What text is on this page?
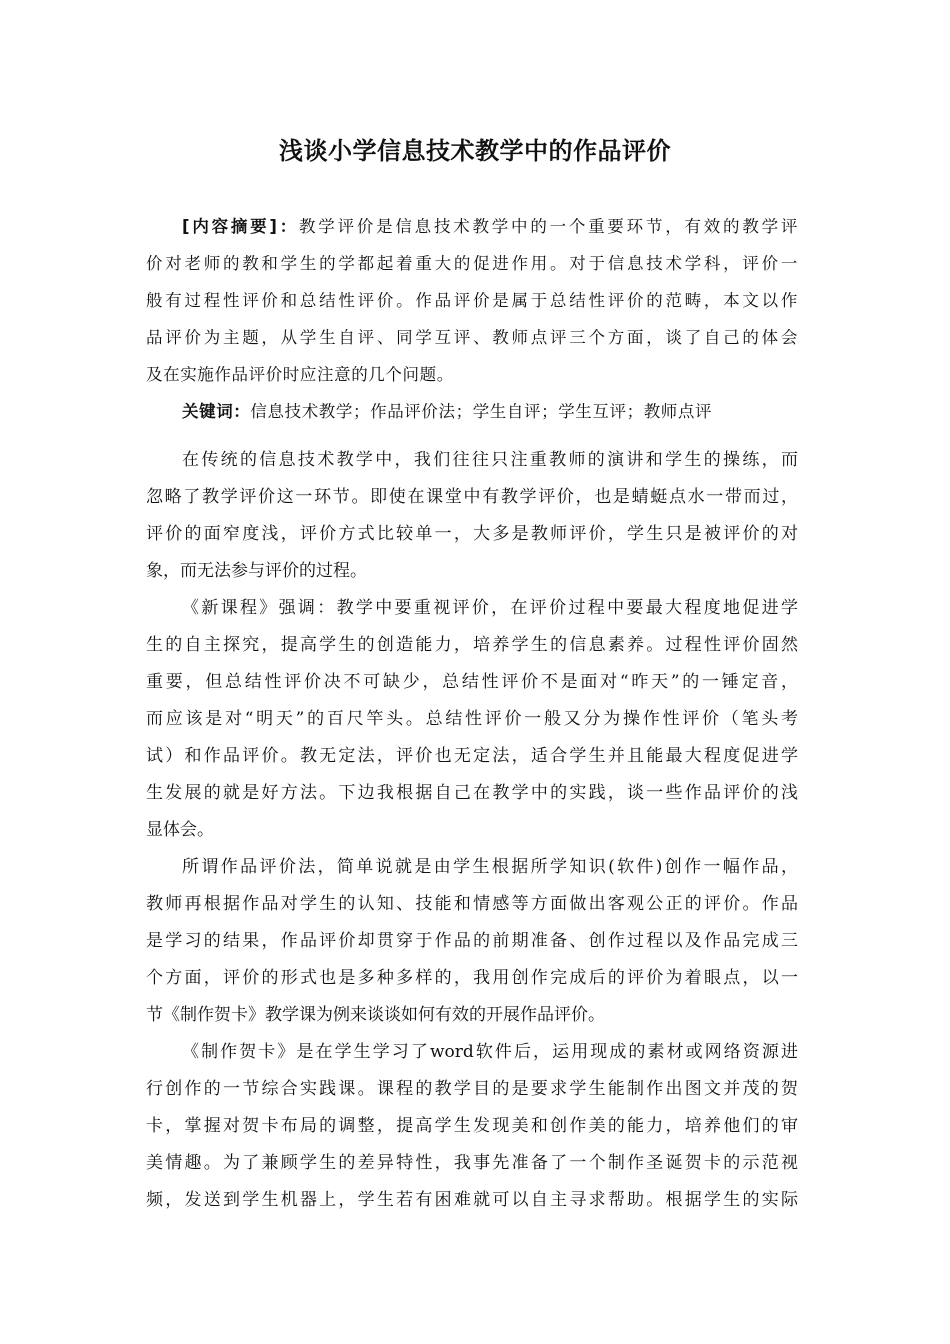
浅谈小学信息技术教学中的作品评价
[内容摘要]：教学评价是信息技术教学中的一个重要环节，有效的教学评
价对老师的教和学生的学都起着重大的促进作用。对于信息技术学科，评价一
般有过程性评价和总结性评价。作品评价是属于总结性评价的范畴，本文以作
品评价为主题，从学生自评、同学互评、教师点评三个方面，谈了自己的体会
及在实施作品评价时应注意的几个问题。
关键词：信息技术教学；作品评价法；学生自评；学生互评；教师点评
在传统的信息技术教学中，我们往往只注重教师的演讲和学生的操练，而
忽略了教学评价这一环节。即使在课堂中有教学评价，也是蜻蜓点水一带而过，
评价的面窄度浅，评价方式比较单一，大多是教师评价，学生只是被评价的对
象，而无法参与评价的过程。
《新课程》强调：教学中要重视评价，在评价过程中要最大程度地促进学
生的自主探究，提高学生的创造能力，培养学生的信息素养。过程性评价固然
重要，但总结性评价决不可缺少，总结性评价不是面对“昨天”的一锤定音，
而应该是对“明天”的百尺竿头。总结性评价一般又分为操作性评价（笔头考
试）和作品评价。教无定法，评价也无定法，适合学生并且能最大程度促进学
生发展的就是好方法。下边我根据自己在教学中的实践，谈一些作品评价的浅
显体会。
所谓作品评价法，简单说就是由学生根据所学知识(软件)创作一幅作品，
教师再根据作品对学生的认知、技能和情感等方面做出客观公正的评价。作品
是学习的结果，作品评价却贯穿于作品的前期准备、创作过程以及作品完成三
个方面，评价的形式也是多种多样的，我用创作完成后的评价为着眼点，以一
节《制作贺卡》教学课为例来谈谈如何有效的开展作品评价。
《制作贺卡》是在学生学习了word软件后，运用现成的素材或网络资源进
行创作的一节综合实践课。课程的教学目的是要求学生能制作出图文并茂的贺
卡，掌握对贺卡布局的调整，提高学生发现美和创作美的能力，培养他们的审
美情趣。为了兼顾学生的差异特性，我事先准备了一个制作圣诞贺卡的示范视
频，发送到学生机器上，学生若有困难就可以自主寻求帮助。根据学生的实际
